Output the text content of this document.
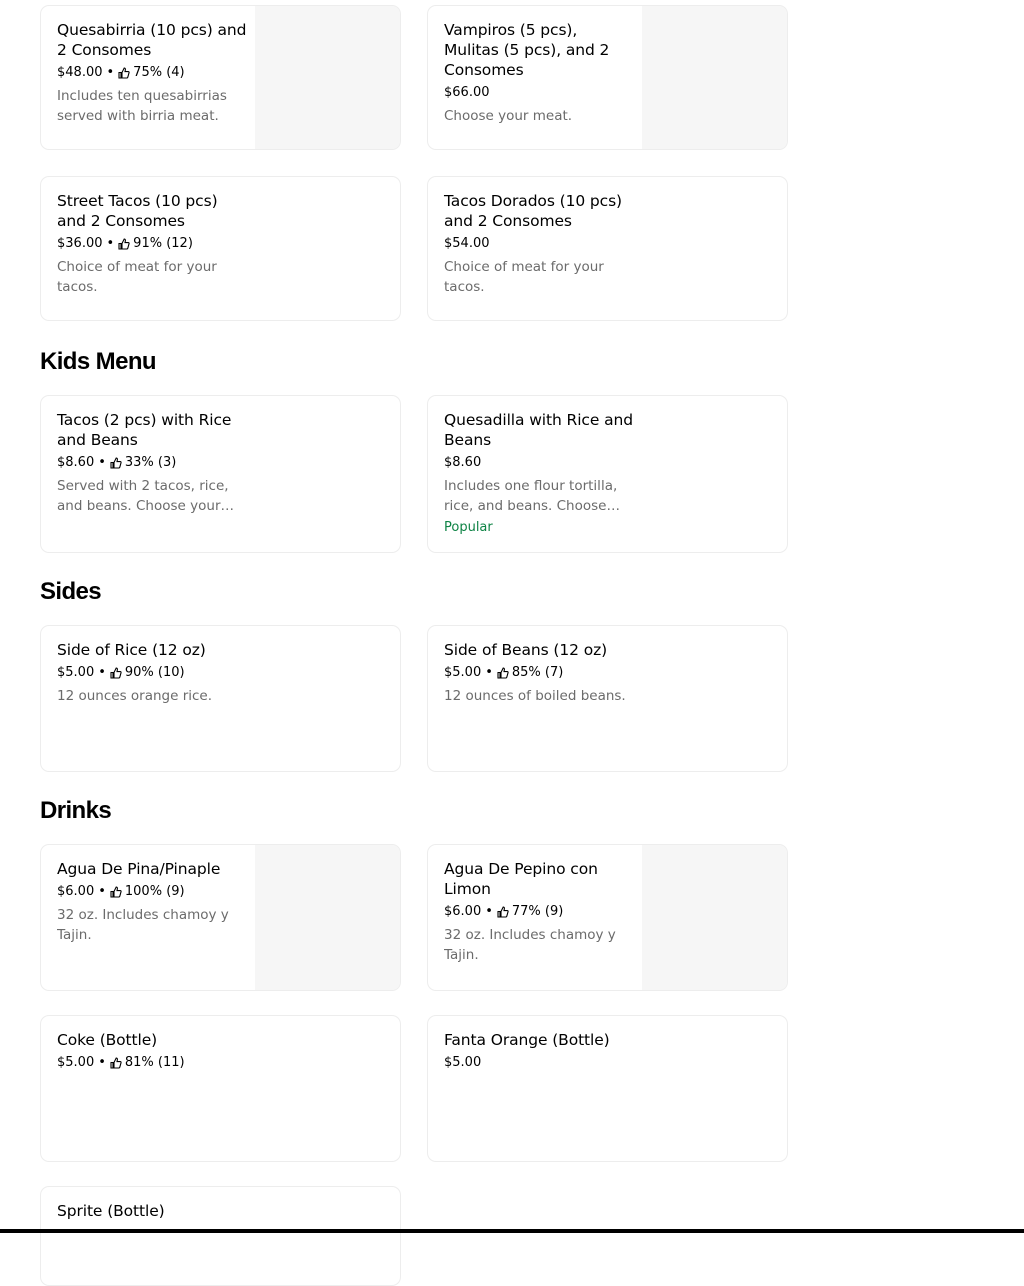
Quesabirria (10 pcs) and 2 Consomes

$48.00 • 75% (4)
Includes ten quesabirrias served with birria meat.

Vampiros (5 pcs), Mulitas (5 pcs), and 2 Consomes

$66.00
Choose your meat.

Street Tacos (10 pcs) and 2 Consomes

$36.00 • 91% (12)
Choice of meat for your tacos.

Tacos Dorados (10 pcs) and 2 Consomes

$54.00
Choice of meat for your tacos.
Kids Menu

Tacos (2 pcs) with Rice and Beans

$8.60 • 33% (3)
Served with 2 tacos, rice, and beans. Choose your

Quesadilla with Rice and Beans

$8.60
Includes one flour tortilla, rice, and beans. Choose
Popular
Sides

Side of Rice (12 oz)

$5.00 • 90% (10)
12 ounces orange rice.

Side of Beans (12 oz)

$5.00 • 85% (7)
12 ounces of boiled beans.
Drinks

Agua De Pina/Pinaple

$6.00 • 100% (9)
32 oz. Includes chamoy y Tajin.

Agua De Pepino con Limon

$6.00 • 77% (9)
32 oz. Includes chamoy y Tajin.

Coke (Bottle)

$5.00 • 81% (11)

Fanta Orange (Bottle)

$5.00

Sprite (Bottle)
